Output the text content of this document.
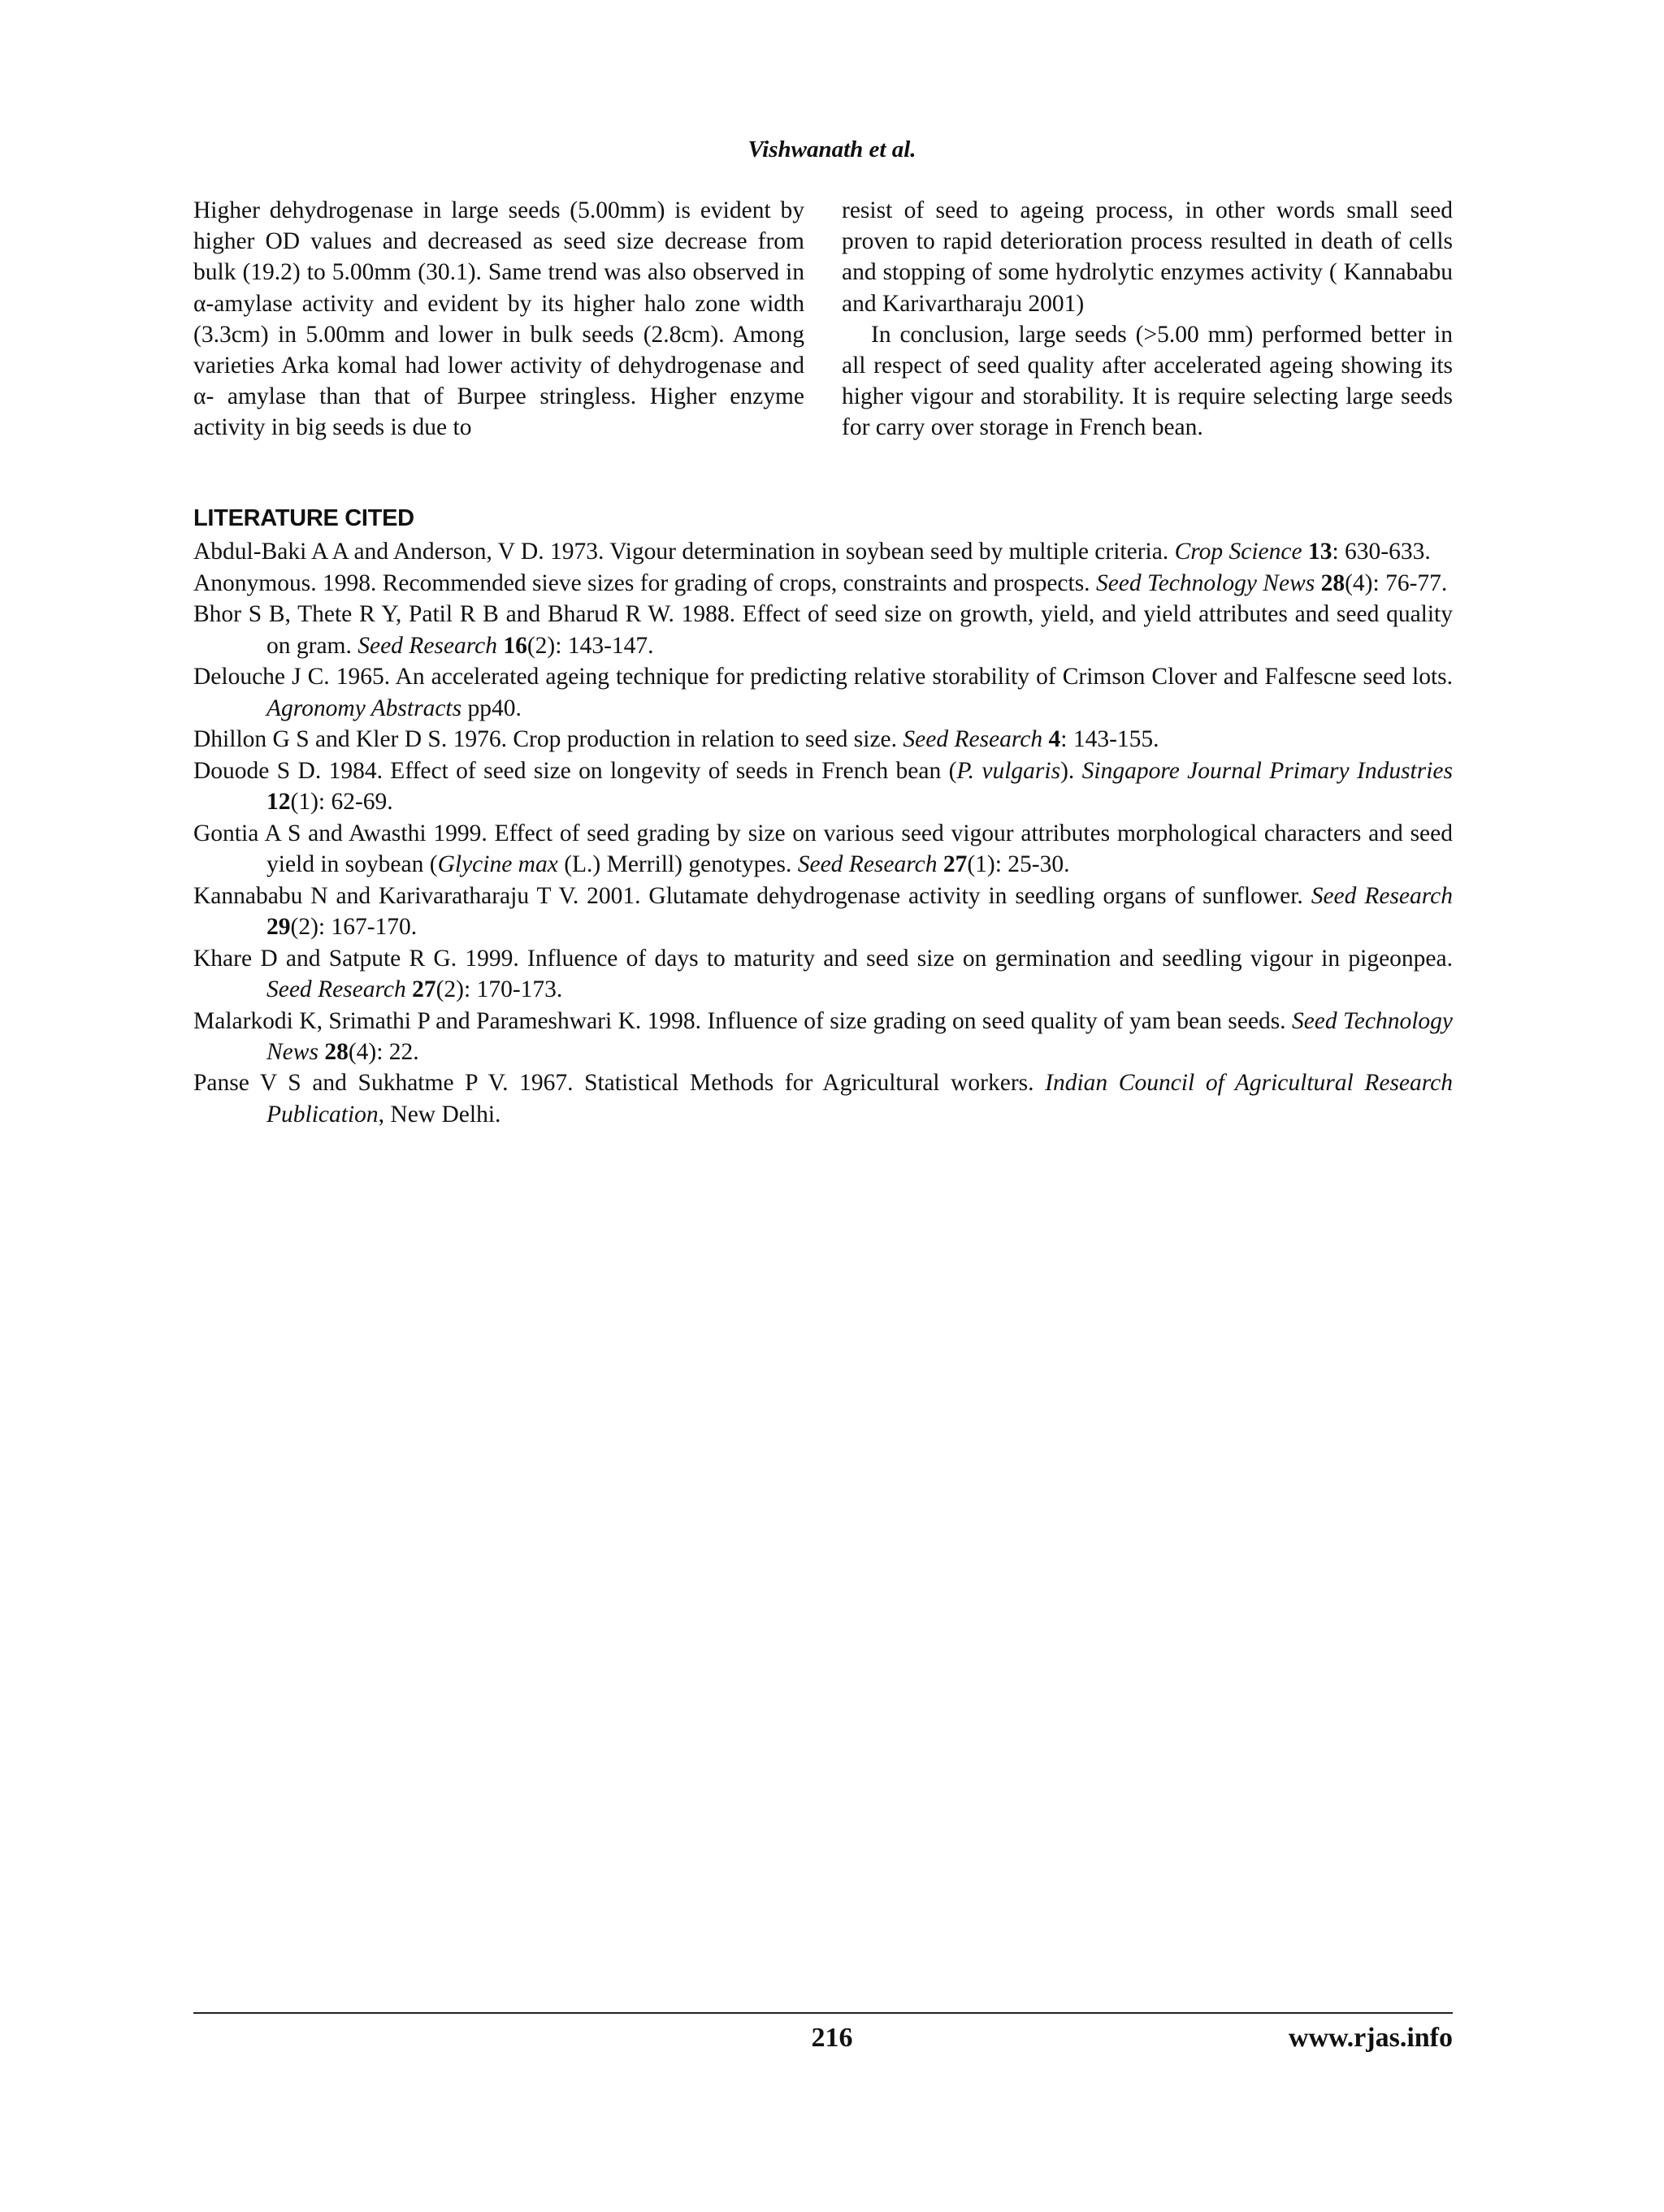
Vishwanath et al.

Higher dehydrogenase in large seeds (5.00mm) is evident by higher OD values and decreased as seed size decrease from bulk (19.2) to 5.00mm (30.1). Same trend was also observed in α-amylase activity and evident by its higher halo zone width (3.3cm) in 5.00mm and lower in bulk seeds (2.8cm). Among varieties Arka komal had lower activity of dehydrogenase and α- amylase than that of Burpee stringless. Higher enzyme activity in big seeds is due to

resist of seed to ageing process, in other words small seed proven to rapid deterioration process resulted in death of cells and stopping of some hydrolytic enzymes activity ( Kannababu and Karivartharaju 2001)

In conclusion, large seeds (>5.00 mm) performed better in all respect of seed quality after accelerated ageing showing its higher vigour and storability. It is require selecting large seeds for carry over storage in French bean.

LITERATURE CITED

Abdul-Baki A A and Anderson, V D. 1973. Vigour determination in soybean seed by multiple criteria. Crop Science 13: 630-633.

Anonymous. 1998. Recommended sieve sizes for grading of crops, constraints and prospects. Seed Technology News 28(4): 76-77.

Bhor S B, Thete R Y, Patil R B and Bharud R W. 1988. Effect of seed size on growth, yield, and yield attributes and seed quality on gram. Seed Research 16(2): 143-147.

Delouche J C. 1965. An accelerated ageing technique for predicting relative storability of Crimson Clover and Falfescne seed lots. Agronomy Abstracts pp40.

Dhillon G S and Kler D S. 1976. Crop production in relation to seed size. Seed Research 4: 143-155.

Douode S D. 1984. Effect of seed size on longevity of seeds in French bean (P. vulgaris). Singapore Journal Primary Industries 12(1): 62-69.

Gontia A S and Awasthi 1999. Effect of seed grading by size on various seed vigour attributes morphological characters and seed yield in soybean (Glycine max (L.) Merrill) genotypes. Seed Research 27(1): 25-30.

Kannababu N and Karivaratharaju T V. 2001. Glutamate dehydrogenase activity in seedling organs of sunflower. Seed Research 29(2): 167-170.

Khare D and Satpute R G. 1999. Influence of days to maturity and seed size on germination and seedling vigour in pigeonpea. Seed Research 27(2): 170-173.

Malarkodi K, Srimathi P and Parameshwari K. 1998. Influence of size grading on seed quality of yam bean seeds. Seed Technology News 28(4): 22.

Panse V S and Sukhatme P V. 1967. Statistical Methods for Agricultural workers. Indian Council of Agricultural Research Publication, New Delhi.

216	www.rjas.info
